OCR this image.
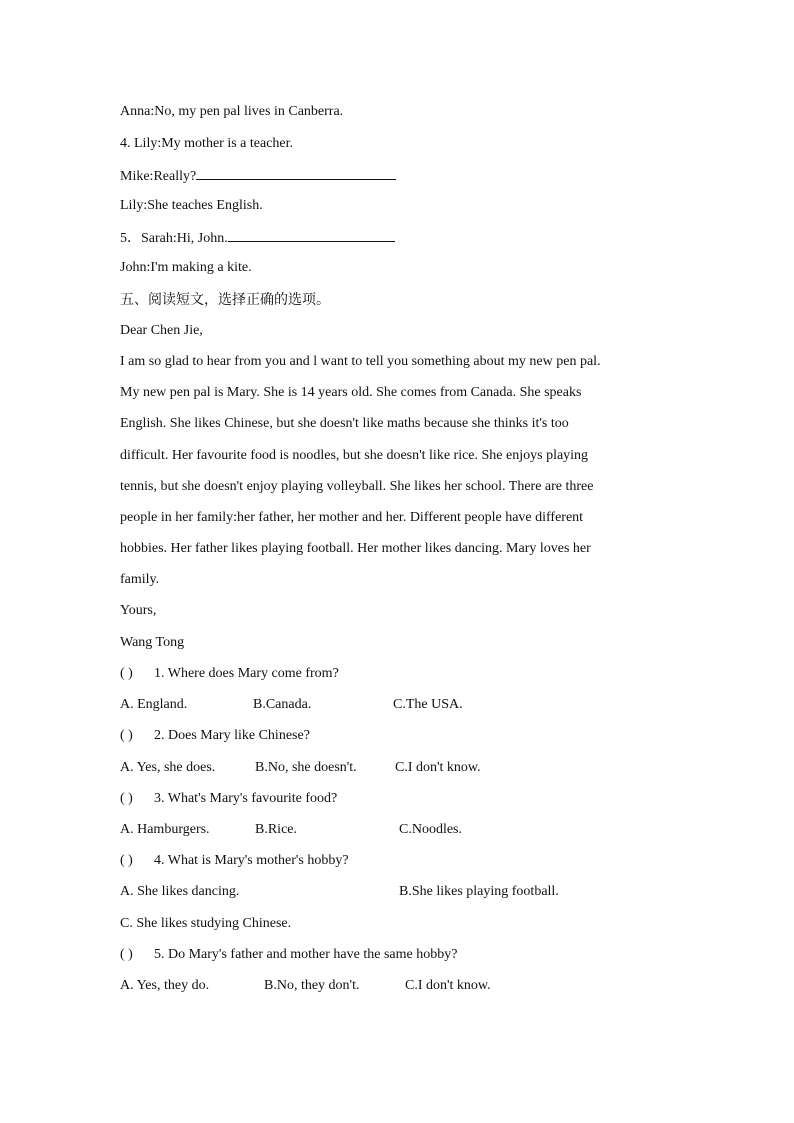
Anna:No, my pen pal lives in Canberra.
4. Lily:My mother is a teacher.
Mike:Really?
Lily:She teaches English.
5．Sarah:Hi, John.
John:I'm making a kite.
五、阅读短文，选择正确的选项。
Dear Chen Jie,
I am so glad to hear from you and l want to tell you something about my new pen pal.
My new pen pal is Mary. She is 14 years old. She comes from Canada. She speaks
English. She likes Chinese, but she doesn't like maths because she thinks it's too
difficult. Her favourite food is noodles, but she doesn't like rice. She enjoys playing
tennis, but she doesn't enjoy playing volleyball. She likes her school. There are three
people in her family:her father, her mother and her. Different people have different
hobbies. Her father likes playing football. Her mother likes dancing. Mary loves her
family.
Yours,
Wang Tong
( ) 1. Where does Mary come from?
A. England.	B.Canada.	C.The USA.
( ) 2. Does Mary like Chinese?
A. Yes, she does.	B.No, she doesn't.	C.I don't know.
( ) 3. What's Mary's favourite food?
A. Hamburgers.	B.Rice.	C.Noodles.
( ) 4. What is Mary's mother's hobby?
A. She likes dancing.	B.She likes playing football.
C. She likes studying Chinese.
( ) 5. Do Mary's father and mother have the same hobby?
A. Yes, they do.	B.No, they don't.	C.I don't know.
